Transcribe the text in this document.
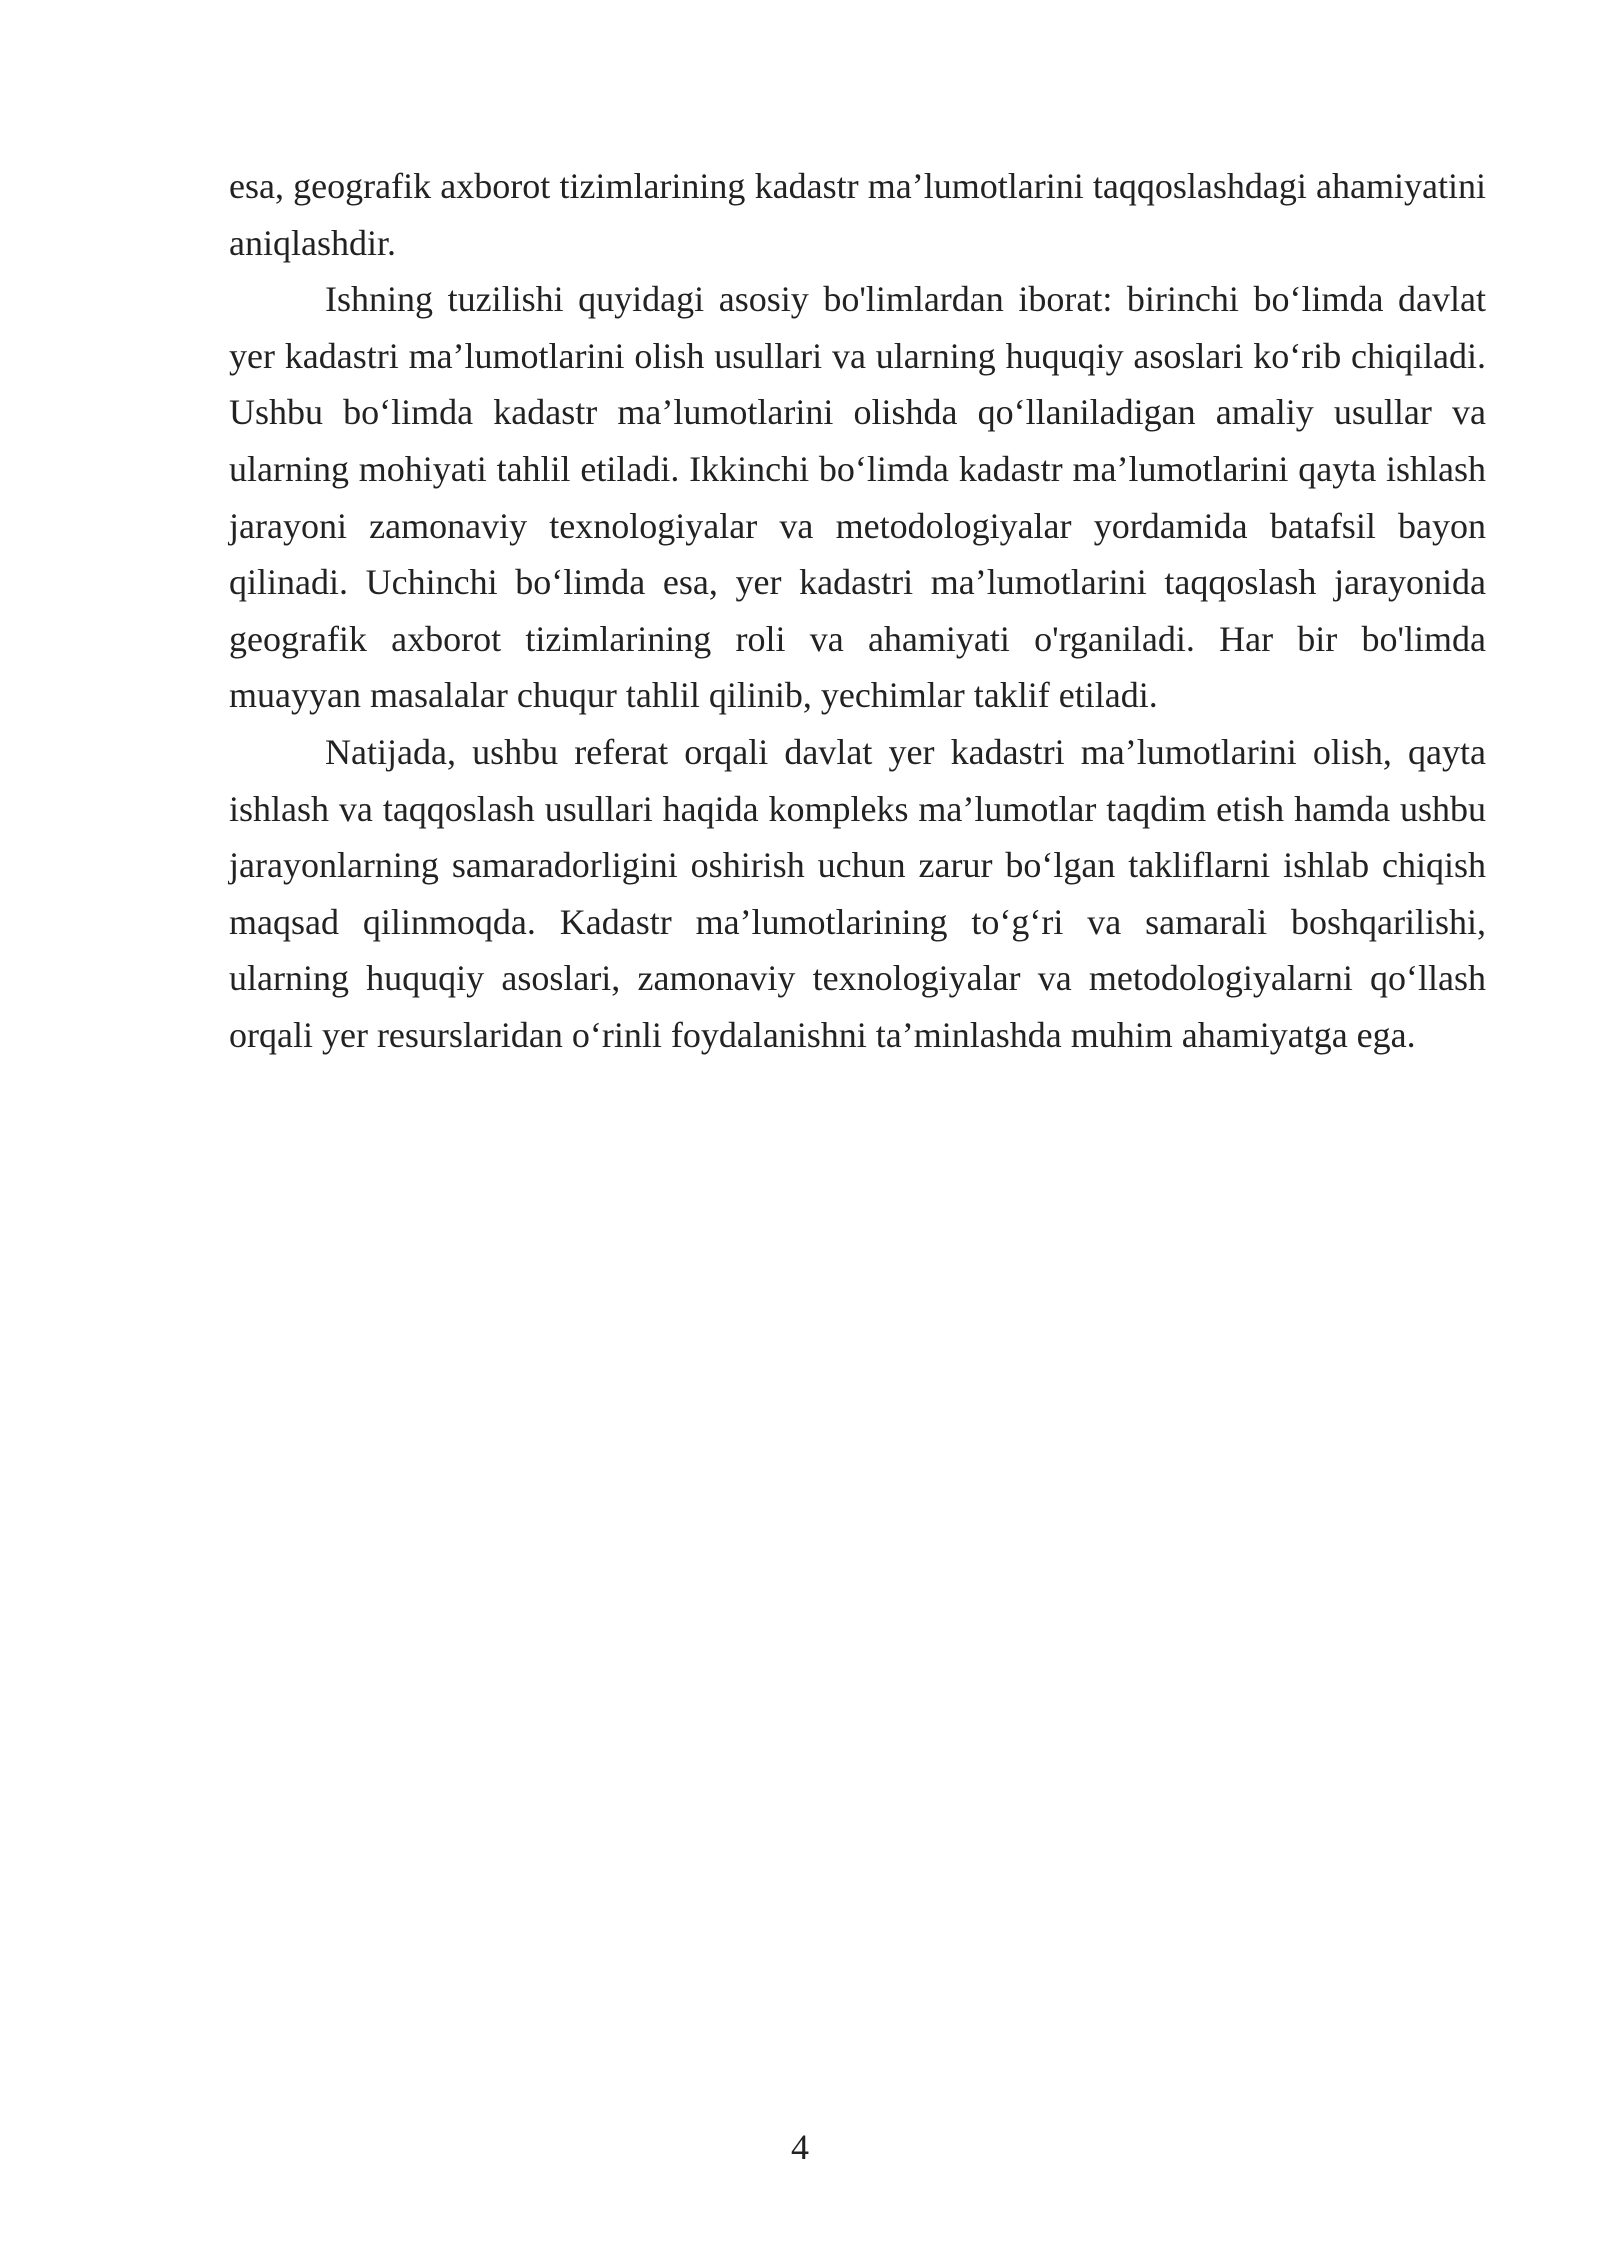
esa, geografik axborot tizimlarining kadastr ma’lumotlarini taqqoslashdagi ahamiyatini aniqlashdir.

Ishning tuzilishi quyidagi asosiy bo'limlardan iborat: birinchi bo‘limda davlat yer kadastri ma’lumotlarini olish usullari va ularning huquqiy asoslari ko‘rib chiqiladi. Ushbu bo‘limda kadastr ma’lumotlarini olishda qo‘llaniladigan amaliy usullar va ularning mohiyati tahlil etiladi. Ikkinchi bo‘limda kadastr ma’lumotlarini qayta ishlash jarayoni zamonaviy texnologiyalar va metodologiyalar yordamida batafsil bayon qilinadi. Uchinchi bo‘limda esa, yer kadastri ma’lumotlarini taqqoslash jarayonida geografik axborot tizimlarining roli va ahamiyati o'rganiladi. Har bir bo'limda muayyan masalalar chuqur tahlil qilinib, yechimlar taklif etiladi.

Natijada, ushbu referat orqali davlat yer kadastri ma’lumotlarini olish, qayta ishlash va taqqoslash usullari haqida kompleks ma’lumotlar taqdim etish hamda ushbu jarayonlarning samaradorligini oshirish uchun zarur bo‘lgan takliflarni ishlab chiqish maqsad qilinmoqda. Kadastr ma’lumotlarining to‘g‘ri va samarali boshqarilishi, ularning huquqiy asoslari, zamonaviy texnologiyalar va metodologiyalarni qo‘llash orqali yer resurslaridan o‘rinli foydalanishni ta’minlashda muhim ahamiyatga ega.

4
